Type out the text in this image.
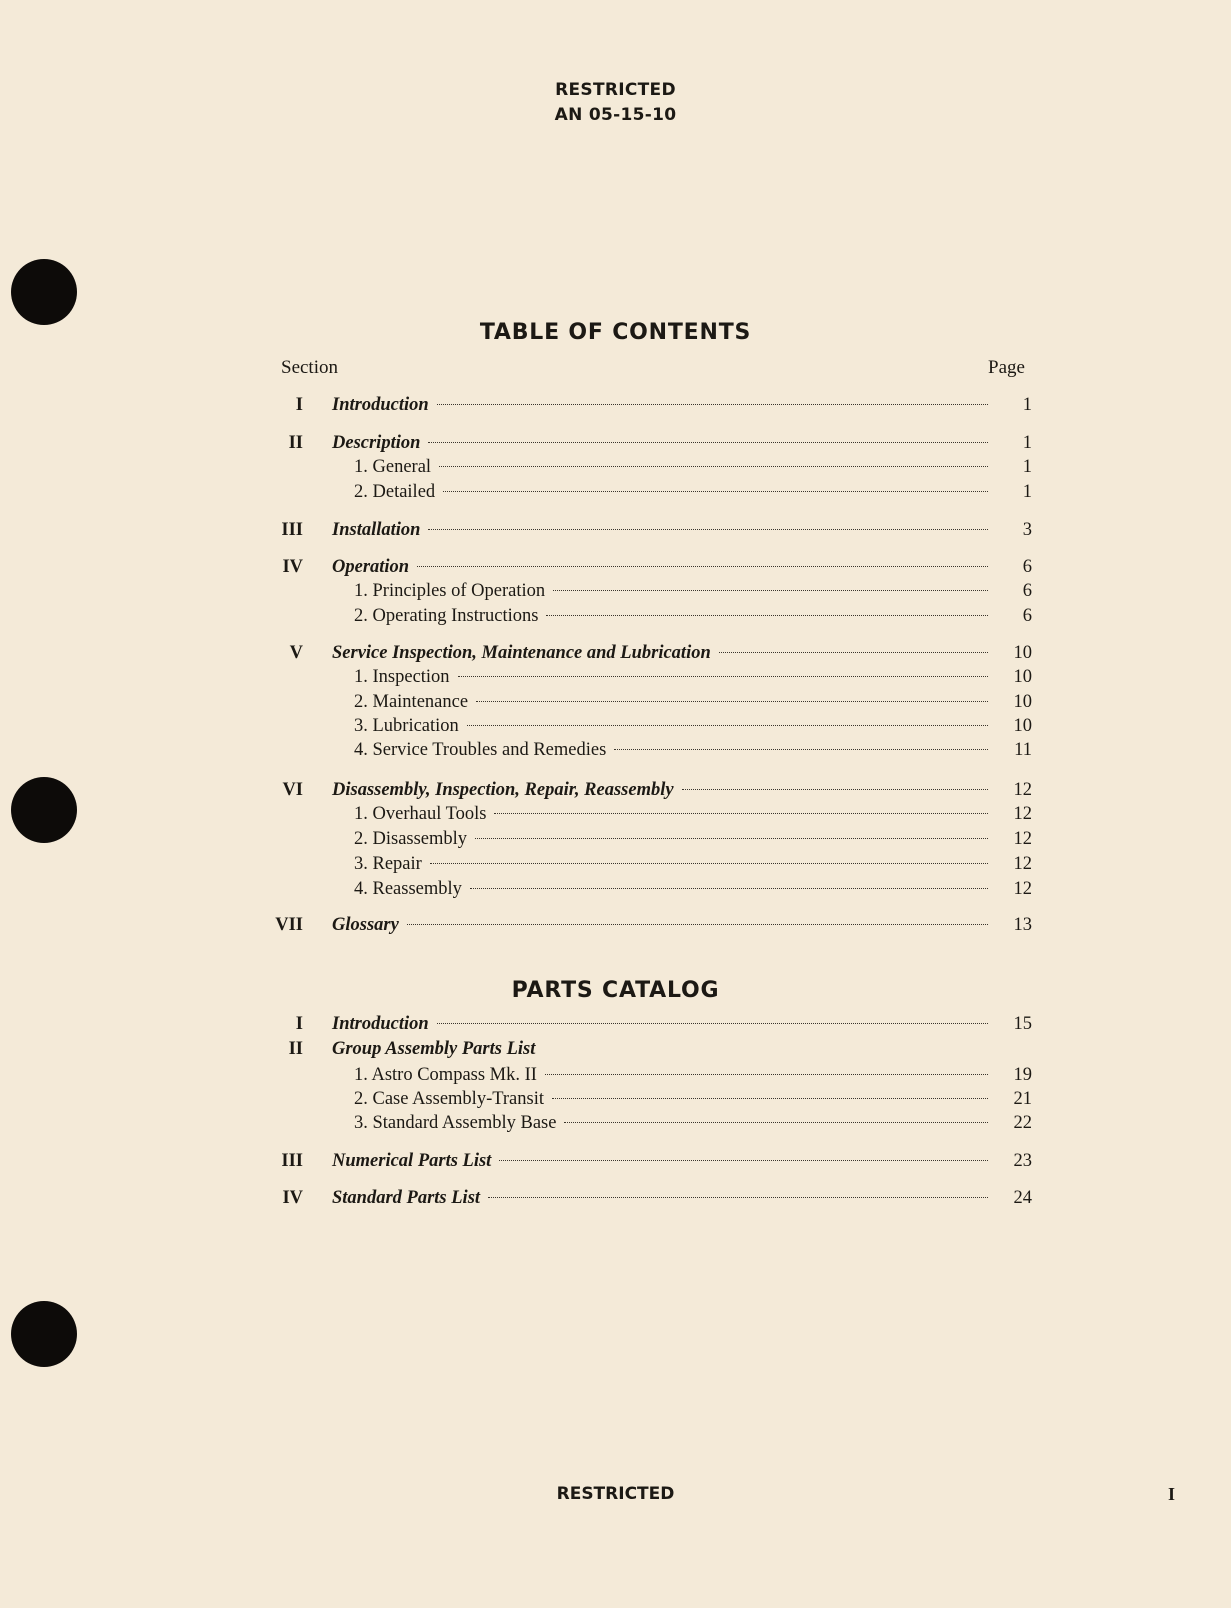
RESTRICTED
AN 05-15-10
TABLE OF CONTENTS
Section	Page
I Introduction	1
II Description	1
1. General	1
2. Detailed	1
III Installation	3
IV Operation	6
1. Principles of Operation	6
2. Operating Instructions	6
V Service Inspection, Maintenance and Lubrication	10
1. Inspection	10
2. Maintenance	10
3. Lubrication	10
4. Service Troubles and Remedies	11
VI Disassembly, Inspection, Repair, Reassembly	12
1. Overhaul Tools	12
2. Disassembly	12
3. Repair	12
4. Reassembly	12
VII Glossary	13
PARTS CATALOG
I Introduction	15
II Group Assembly Parts List
1. Astro Compass Mk. II	19
2. Case Assembly-Transit	21
3. Standard Assembly Base	22
III Numerical Parts List	23
IV Standard Parts List	24
RESTRICTED	I
